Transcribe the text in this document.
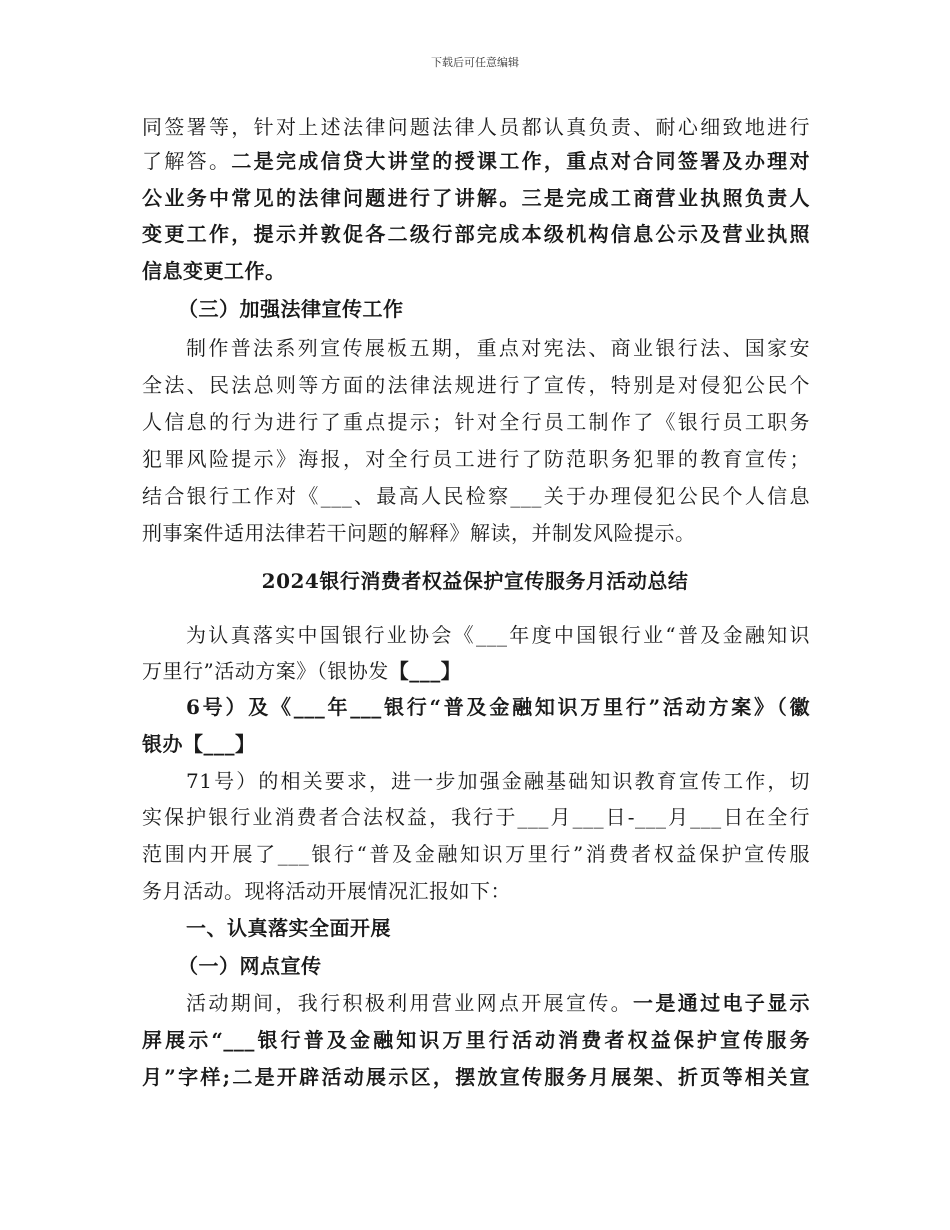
下载后可任意编辑
同签署等，针对上述法律问题法律人员都认真负责、耐心细致地进行
了解答。二是完成信贷大讲堂的授课工作，重点对合同签署及办理对
公业务中常见的法律问题进行了讲解。三是完成工商营业执照负责人
变更工作，提示并敦促各二级行部完成本级机构信息公示及营业执照
信息变更工作。
（三）加强法律宣传工作
制作普法系列宣传展板五期，重点对宪法、商业银行法、国家安
全法、民法总则等方面的法律法规进行了宣传，特别是对侵犯公民个
人信息的行为进行了重点提示；针对全行员工制作了《银行员工职务
犯罪风险提示》海报，对全行员工进行了防范职务犯罪的教育宣传；
结合银行工作对《___、最高人民检察___关于办理侵犯公民个人信息
刑事案件适用法律若干问题的解释》解读，并制发风险提示。
2024银行消费者权益保护宣传服务月活动总结
为认真落实中国银行业协会《___年度中国银行业“普及金融知识
万里行”活动方案》（银协发【___】
6号）及《___年___银行“普及金融知识万里行”活动方案》（徽
银办【___】
71号）的相关要求，进一步加强金融基础知识教育宣传工作，切
实保护银行业消费者合法权益，我行于___月___日-___月___日在全行
范围内开展了___银行“普及金融知识万里行”消费者权益保护宣传服
务月活动。现将活动开展情况汇报如下：
一、认真落实全面开展
（一）网点宣传
活动期间，我行积极利用营业网点开展宣传。一是通过电子显示
屏展示“___银行普及金融知识万里行活动消费者权益保护宣传服务
月”字样;二是开辟活动展示区，摆放宣传服务月展架、折页等相关宣
